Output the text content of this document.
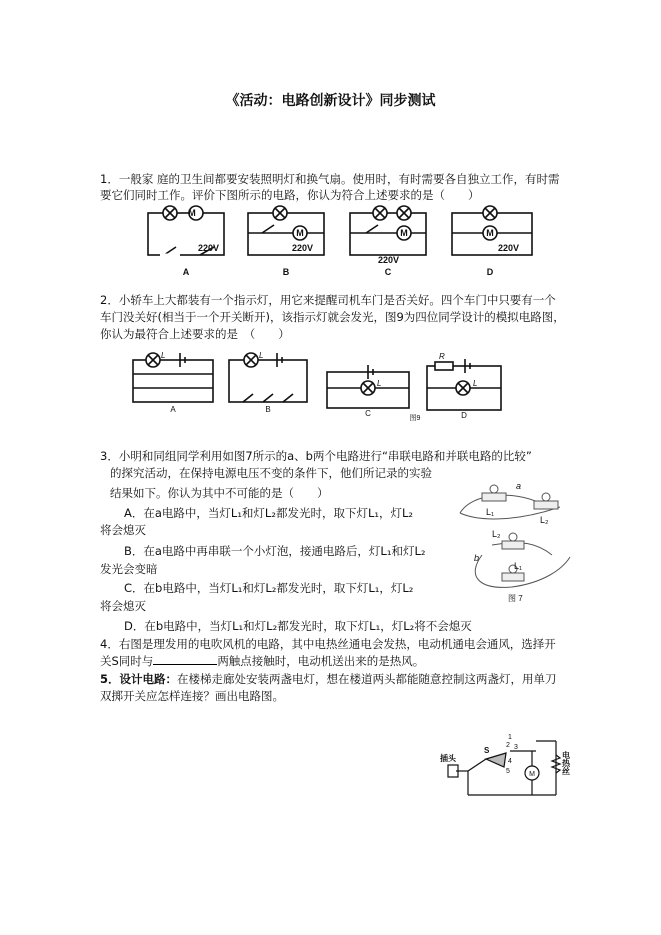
《活动：电路创新设计》同步测试
1．一般家 庭的卫生间都要安装照明灯和换气扇。使用时，有时需要各自独立工作，有时需
要它们同时工作。评价下图所示的电路，你认为符合上述要求的是（　　）
M
M	M	M
220V	220V
220V
220V
A	B	C	D
2．小轿车上大都装有一个指示灯，用它来提醒司机车门是否关好。四个车门中只要有一个
车门没关好(相当于一个开关断开)，该指示灯就会发光，图9为四位同学设计的模拟电路图，
你认为最符合上述要求的是　（　　）
L	L
L	L
R
A	B	C	D
图9
3．小明和同组同学利用如图7所示的a、b两个电路进行“串联电路和并联电路的比较”
的探究活动，在保持电源电压不变的条件下，他们所记录的实验
结果如下。你认为其中不可能的是（　　）
A．在a电路中，当灯L₁和灯L₂都发光时，取下灯L₁，灯L₂
将会熄灭
B．在a电路中再串联一个小灯泡，接通电路后，灯L₁和灯L₂
发光会变暗
C．在b电路中，当灯L₁和灯L₂都发光时，取下灯L₁，灯L₂
将会熄灭
D．在b电路中，当灯L₁和灯L₂都发光时，取下灯L₁，灯L₂将不会熄灭
a
L₁
L₂
b
L₂
L₁
图 7
4．右图是理发用的电吹风机的电路，其中电热丝通电会发热，电动机通电会通风，选择开
关S同时与	两触点接触时，电动机送出来的是热风。
5．设计电路：在楼梯走廊处安装两盏电灯，想在楼道两头都能随意控制这两盏灯，用单刀
双掷开关应怎样连接？画出电路图。
插头
S
M
1
2 3
4
5	电热丝
